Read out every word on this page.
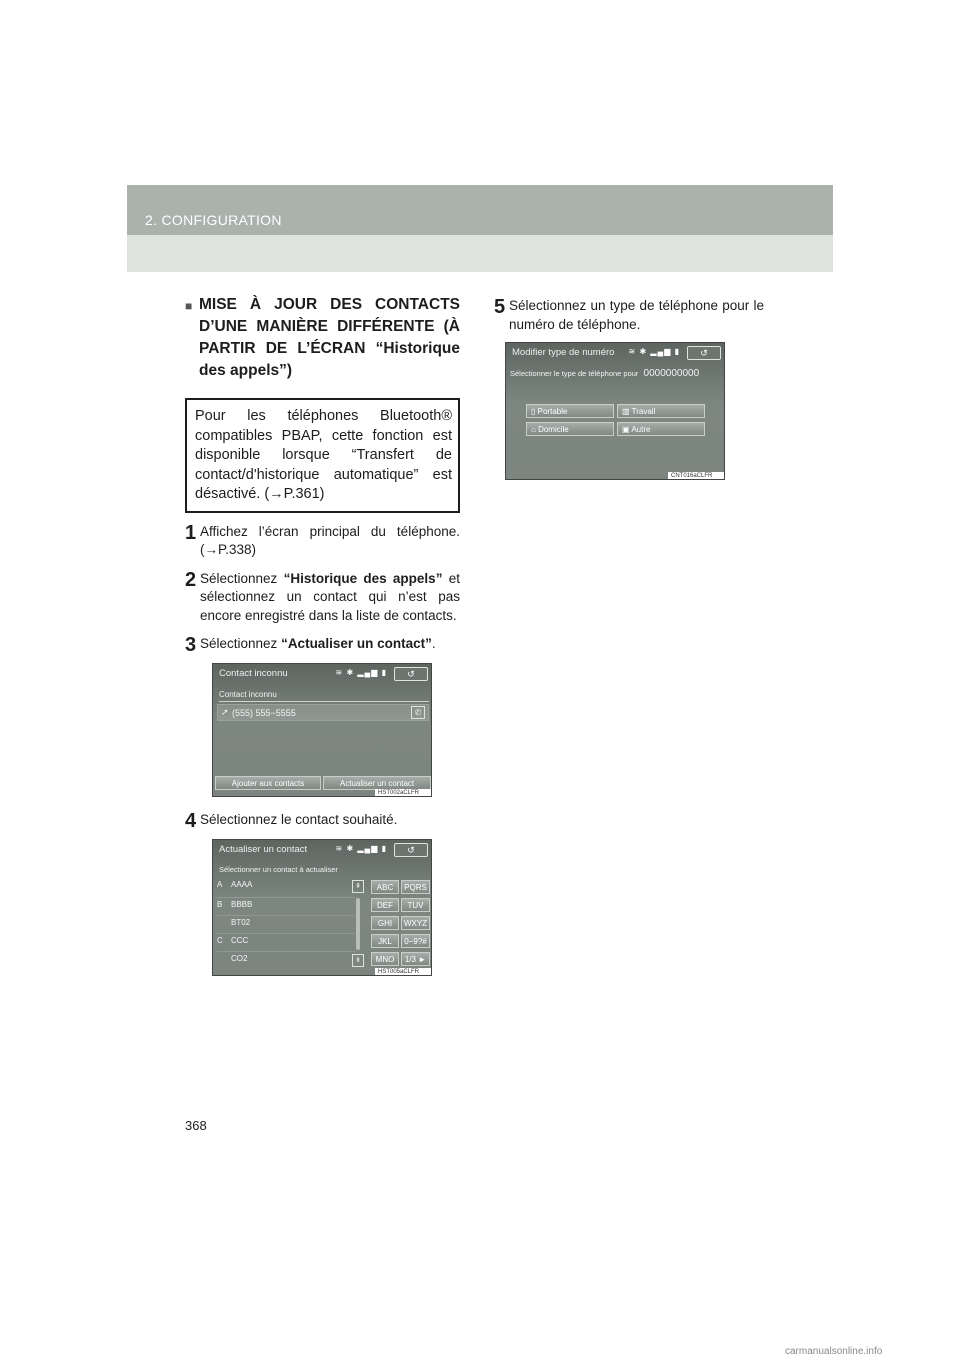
2. CONFIGURATION
■
MISE À JOUR DES CONTACTS D’UNE MANIÈRE DIFFÉRENTE (À PARTIR DE L’ÉCRAN “Historique des appels”)
Pour les téléphones Bluetooth® compatibles PBAP, cette fonction est disponible lorsque “Transfert de contact/d'historique automatique” est désactivé. (→P.361)
1 Affichez l’écran principal du téléphone. (→P.338)
2 Sélectionnez “Historique des appels” et sélectionnez un contact qui n’est pas encore enregistré dans la liste de contacts.
3 Sélectionnez “Actualiser un contact”.
Contact inconnu	≋ ✱ ▂▄▆ ▮	↺
Contact inconnu
➚ (555) 555−5555	✆
Ajouter aux contacts	Actualiser un contact
HST002aCLFR
4 Sélectionnez le contact souhaité.
Actualiser un contact	≋ ✱ ▂▄▆ ▮	↺
Sélectionner un contact à actualiser
A AAAA
B BBBB
BT02
C CCC
CO2
⇞
⇟
ABC	PQRS
DEF	TUV
GHI	WXYZ
JKL	0−9?#
MNO	1/3 ►
HST005aCLFR
5 Sélectionnez un type de téléphone pour le numéro de téléphone.
Modifier type de numéro	≋ ✱ ▂▄▆ ▮	↺
Sélectionner le type de téléphone pour 0000000000
▯ Portable	▥ Travail
⌂ Domicile	▣ Autre
CNT016aCLFR
368
carmanualsonline.info
